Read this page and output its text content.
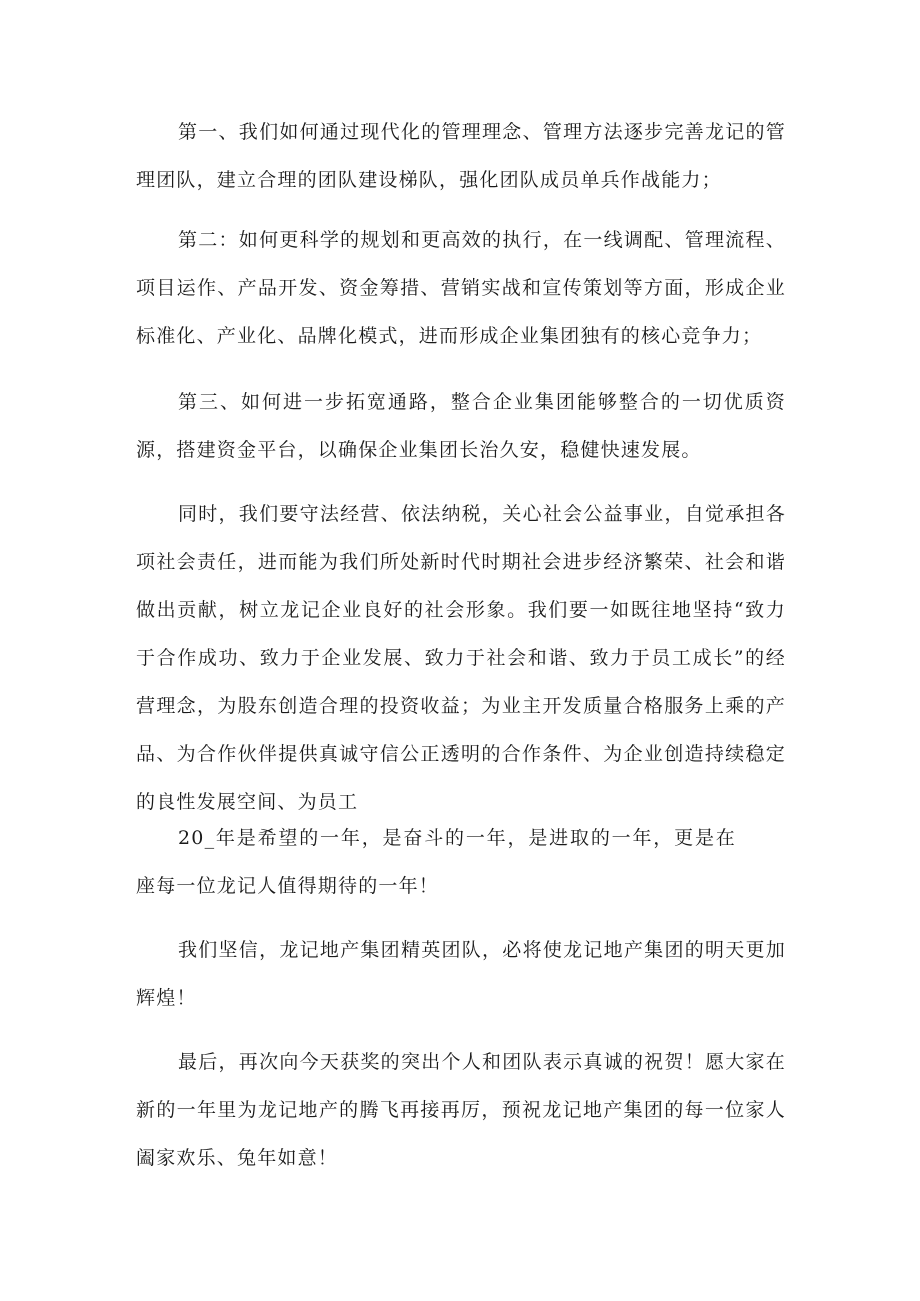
第一、我们如何通过现代化的管理理念、管理方法逐步完善龙记的管理团队，建立合理的团队建设梯队，强化团队成员单兵作战能力；

第二：如何更科学的规划和更高效的执行，在一线调配、管理流程、项目运作、产品开发、资金筹措、营销实战和宣传策划等方面，形成企业标准化、产业化、品牌化模式，进而形成企业集团独有的核心竞争力；

第三、如何进一步拓宽通路，整合企业集团能够整合的一切优质资源，搭建资金平台，以确保企业集团长治久安，稳健快速发展。

同时，我们要守法经营、依法纳税，关心社会公益事业，自觉承担各项社会责任，进而能为我们所处新时代时期社会进步经济繁荣、社会和谐做出贡献，树立龙记企业良好的社会形象。我们要一如既往地坚持“致力于合作成功、致力于企业发展、致力于社会和谐、致力于员工成长”的经营理念，为股东创造合理的投资收益；为业主开发质量合格服务上乘的产品、为合作伙伴提供真诚守信公正透明的合作条件、为企业创造持续稳定的良性发展空间、为员工

20_年是希望的一年，是奋斗的一年，是进取的一年，更是在座每一位龙记人值得期待的一年！

我们坚信，龙记地产集团精英团队，必将使龙记地产集团的明天更加辉煌！

最后，再次向今天获奖的突出个人和团队表示真诚的祝贺！愿大家在新的一年里为龙记地产的腾飞再接再厉，预祝龙记地产集团的每一位家人阖家欢乐、兔年如意！
